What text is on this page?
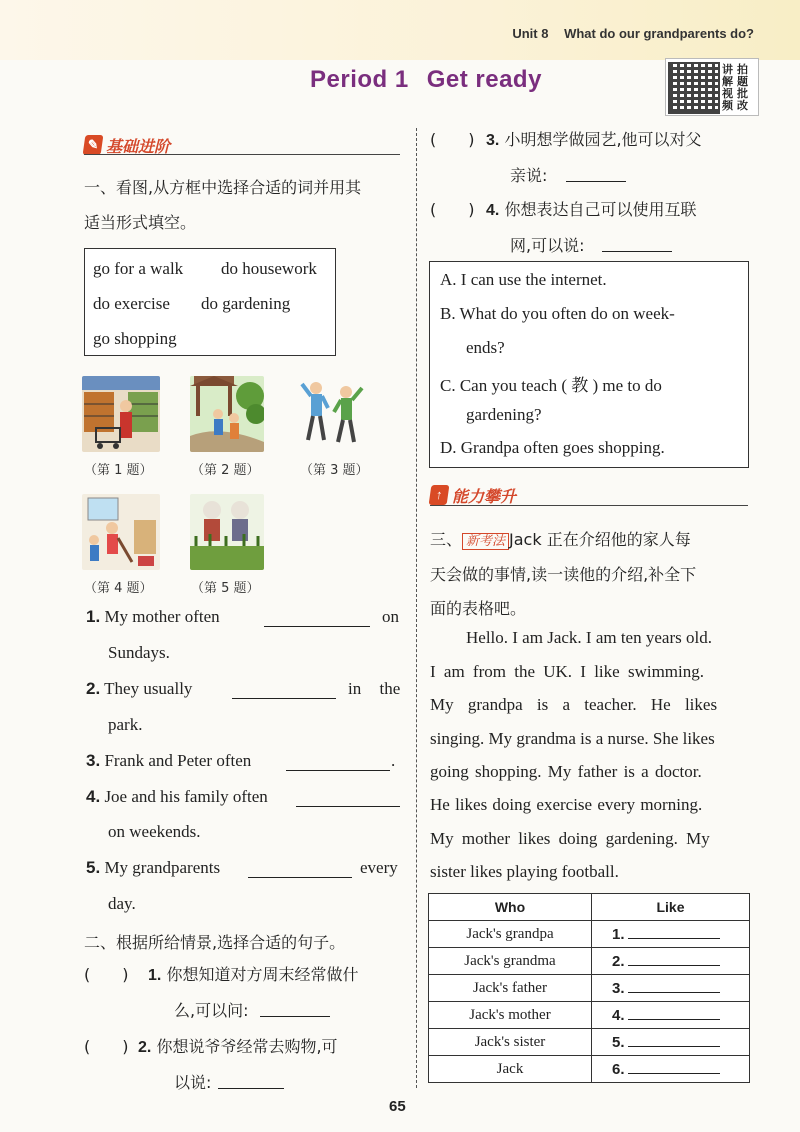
Unit 8 What do our grandparents do?
Period 1 Get ready	讲 拍解 题视 批频 改
✎ 基础进阶
一、看图,从方框中选择合适的词并用其
适当形式填空。
go for a walk do housework
do exercise do gardening
go shopping
（第 1 题）	（第 2 题）	（第 3 题）
（第 4 题）	（第 5 题）
1. My mother often	on
Sundays.
2. They usually	in the
park.
3. Frank and Peter often	.
4. Joe and his family often
on weekends.
5. My grandparents	every
day.
二、根据所给情景,选择合适的句子。
(　　) 1. 你想知道对方周末经常做什
么,可以问:
(　　) 2. 你想说爷爷经常去购物,可
以说:
(　　) 3. 小明想学做园艺,他可以对父
亲说:
(　　) 4. 你想表达自己可以使用互联
网,可以说:
A. I can use the internet.
B. What do you often do on week-
ends?
C. Can you teach ( 教 ) me to do
gardening?
D. Grandpa often goes shopping.
↑ 能力攀升
三、 新考法 Jack 正在介绍他的家人每
天会做的事情,读一读他的介绍,补全下
面的表格吧。
Hello. I am Jack. I am ten years old.
I am from the UK. I like swimming.
My grandpa is a teacher. He likes
singing. My grandma is a nurse. She likes
going shopping. My father is a doctor.
He likes doing exercise every morning.
My mother likes doing gardening. My
sister likes playing football.
Who	Like
Jack's grandpa	1.
Jack's grandma	2.
Jack's father	3.
Jack's mother	4.
Jack's sister	5.
Jack	6.
65
